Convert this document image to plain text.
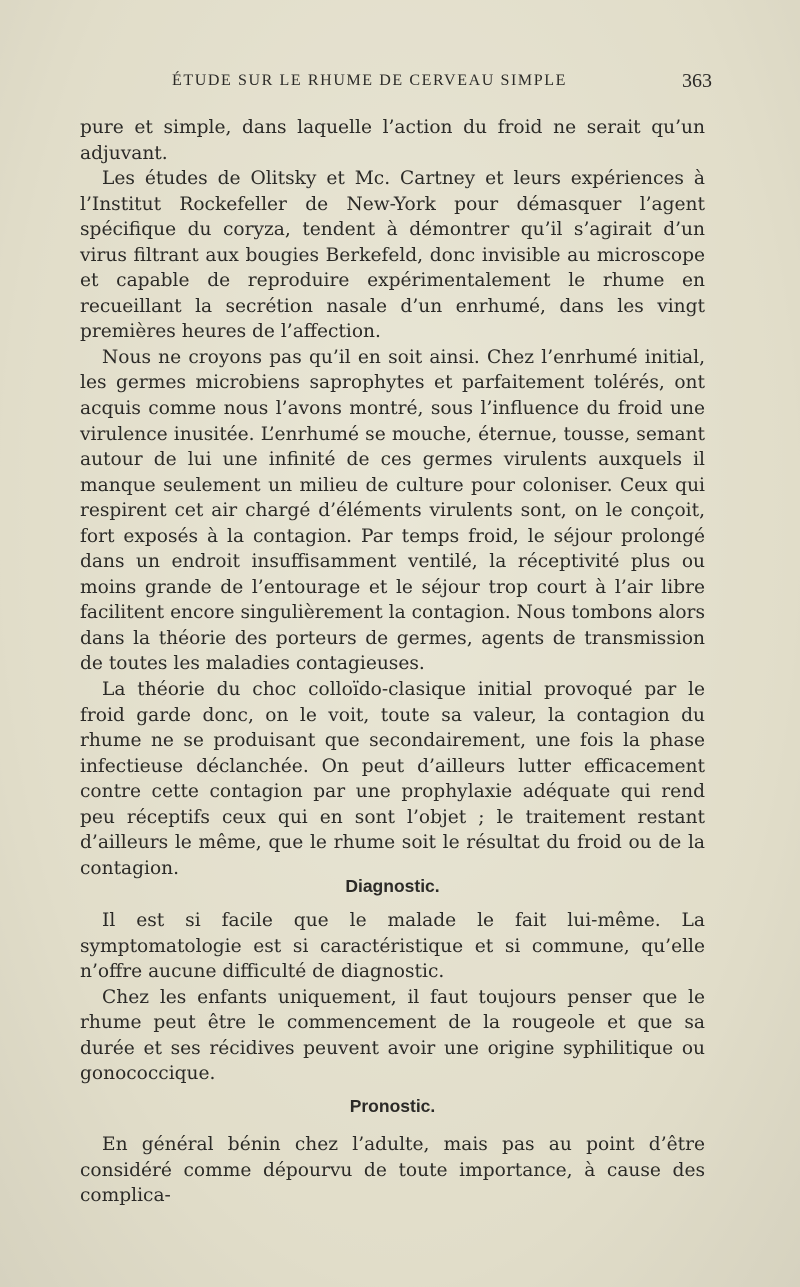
ÉTUDE SUR LE RHUME DE CERVEAU SIMPLE	363

pure et simple, dans laquelle l’action du froid ne serait qu’un adjuvant.

Les études de Olitsky et Mc. Cartney et leurs expériences à l’Institut Rockefeller de New-York pour démasquer l’agent spécifique du coryza, tendent à démontrer qu’il s’agirait d’un virus filtrant aux bougies Berkefeld, donc invisible au microscope et capable de reproduire expérimentalement le rhume en recueillant la secrétion nasale d’un enrhumé, dans les vingt premières heures de l’affection.

Nous ne croyons pas qu’il en soit ainsi. Chez l’enrhumé initial, les germes microbiens saprophytes et parfaitement tolérés, ont acquis comme nous l’avons montré, sous l’influence du froid une virulence inusitée. L’enrhumé se mouche, éternue, tousse, semant autour de lui une infinité de ces germes virulents auxquels il manque seulement un milieu de culture pour coloniser. Ceux qui respirent cet air chargé d’éléments virulents sont, on le conçoit, fort exposés à la contagion. Par temps froid, le séjour prolongé dans un endroit insuffisamment ventilé, la réceptivité plus ou moins grande de l’entourage et le séjour trop court à l’air libre facilitent encore singulièrement la contagion. Nous tombons alors dans la théorie des porteurs de germes, agents de transmission de toutes les maladies contagieuses.

La théorie du choc colloïdo-clasique initial provoqué par le froid garde donc, on le voit, toute sa valeur, la contagion du rhume ne se produisant que secondairement, une fois la phase infectieuse déclanchée. On peut d’ailleurs lutter efficacement contre cette contagion par une prophylaxie adéquate qui rend peu réceptifs ceux qui en sont l’objet ; le traitement restant d’ailleurs le même, que le rhume soit le résultat du froid ou de la contagion.

Diagnostic.

Il est si facile que le malade le fait lui-même. La symptomatologie est si caractéristique et si commune, qu’elle n’offre aucune difficulté de diagnostic.

Chez les enfants uniquement, il faut toujours penser que le rhume peut être le commencement de la rougeole et que sa durée et ses récidives peuvent avoir une origine syphilitique ou gonococcique.

Pronostic.

En général bénin chez l’adulte, mais pas au point d’être considéré comme dépourvu de toute importance, à cause des complica-
